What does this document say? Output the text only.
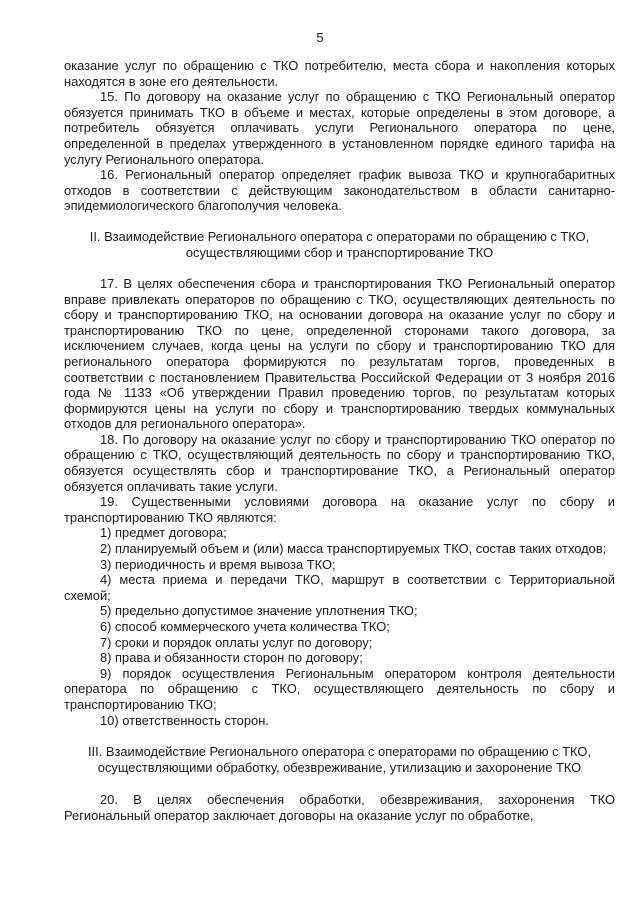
5

оказание услуг по обращению с ТКО потребителю, места сбора и накопления которых находятся в зоне его деятельности.

15. По договору на оказание услуг по обращению с ТКО Региональный оператор обязуется принимать ТКО в объеме и местах, которые определены в этом договоре, а потребитель обязуется оплачивать услуги Регионального оператора по цене, определенной в пределах утвержденного в установленном порядке единого тарифа на услугу Регионального оператора.

16. Региональный оператор определяет график вывоза ТКО и крупногабаритных отходов в соответствии с действующим законодательством в области санитарно-эпидемиологического благополучия человека.

II. Взаимодействие Регионального оператора с операторами по обращению с ТКО, осуществляющими сбор и транспортирование ТКО

17. В целях обеспечения сбора и транспортирования ТКО Региональный оператор вправе привлекать операторов по обращению с ТКО, осуществляющих деятельность по сбору и транспортированию ТКО, на основании договора на оказание услуг по сбору и транспортированию ТКО по цене, определенной сторонами такого договора, за исключением случаев, когда цены на услуги по сбору и транспортированию ТКО для регионального оператора формируются по результатам торгов, проведенных в соответствии с постановлением Правительства Российской Федерации от 3 ноября 2016 года № 1133 «Об утверждении Правил проведению торгов, по результатам которых формируются цены на услуги по сбору и транспортированию твердых коммунальных отходов для регионального оператора».

18. По договору на оказание услуг по сбору и транспортированию ТКО оператор по обращению с ТКО, осуществляющий деятельность по сбору и транспортированию ТКО, обязуется осуществлять сбор и транспортирование ТКО, а Региональный оператор обязуется оплачивать такие услуги.

19. Существенными условиями договора на оказание услуг по сбору и транспортированию ТКО являются:

1) предмет договора;

2) планируемый объем и (или) масса транспортируемых ТКО, состав таких отходов;

3) периодичность и время вывоза ТКО;

4) места приема и передачи ТКО, маршрут в соответствии с Территориальной схемой;

5) предельно допустимое значение уплотнения ТКО;

6) способ коммерческого учета количества ТКО;

7) сроки и порядок оплаты услуг по договору;

8) права и обязанности сторон по договору;

9) порядок осуществления Региональным оператором контроля деятельности оператора по обращению с ТКО, осуществляющего деятельность по сбору и транспортированию ТКО;

10) ответственность сторон.

III. Взаимодействие Регионального оператора с операторами по обращению с ТКО, осуществляющими обработку, обезвреживание, утилизацию и захоронение ТКО

20. В целях обеспечения обработки, обезвреживания, захоронения ТКО Региональный оператор заключает договоры на оказание услуг по обработке,
